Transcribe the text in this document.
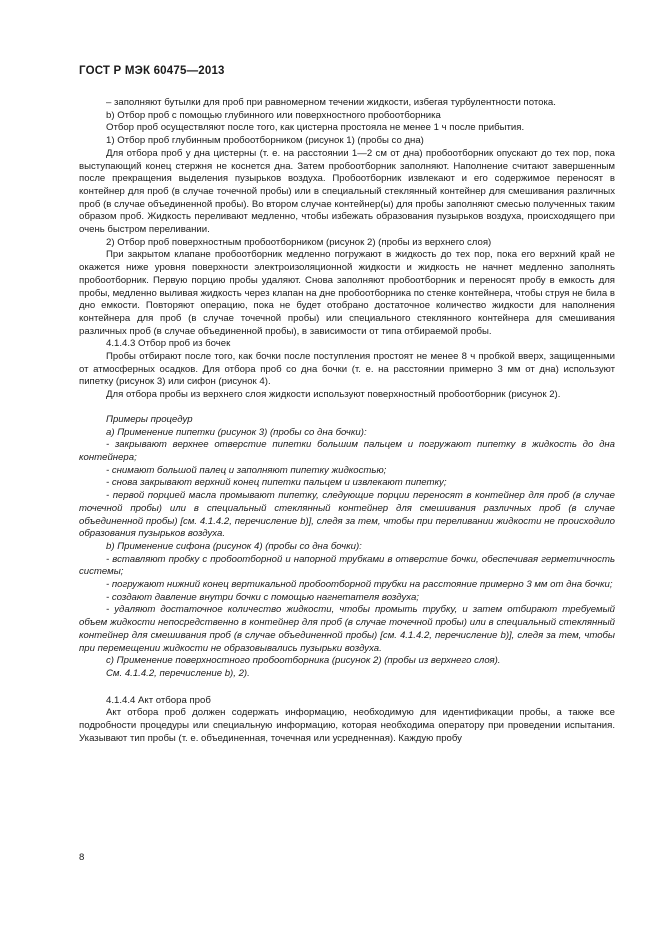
ГОСТ Р МЭК 60475—2013

– заполняют бутылки для проб при равномерном течении жидкости, избегая турбулентности потока.

b) Отбор проб с помощью глубинного или поверхностного пробоотборника

Отбор проб осуществляют после того, как цистерна простояла не менее 1 ч после прибытия.

1) Отбор проб глубинным пробоотборником (рисунок 1) (пробы со дна)

Для отбора проб у дна цистерны (т. е. на расстоянии 1—2 см от дна) пробоотборник опускают до тех пор, пока выступающий конец стержня не коснется дна. Затем пробоотборник заполняют. Наполнение считают завершенным после прекращения выделения пузырьков воздуха. Пробоотборник извлекают и его содержимое переносят в контейнер для проб (в случае точечной пробы) или в специальный стеклянный контейнер для смешивания различных проб (в случае объединенной пробы). Во втором случае контейнер(ы) для пробы заполняют смесью полученных таким образом проб. Жидкость переливают медленно, чтобы избежать образования пузырьков воздуха, происходящего при очень быстром переливании.

2) Отбор проб поверхностным пробоотборником (рисунок 2) (пробы из верхнего слоя)

При закрытом клапане пробоотборник медленно погружают в жидкость до тех пор, пока его верхний край не окажется ниже уровня поверхности электроизоляционной жидкости и жидкость не начнет медленно заполнять пробоотборник. Первую порцию пробы удаляют. Снова заполняют пробоотборник и переносят пробу в емкость для пробы, медленно выливая жидкость через клапан на дне пробоотборника по стенке контейнера, чтобы струя не била в дно емкости. Повторяют операцию, пока не будет отобрано достаточное количество жидкости для наполнения контейнера для проб (в случае точечной пробы) или специального стеклянного контейнера для смешивания различных проб (в случае объединенной пробы), в зависимости от типа отбираемой пробы.

4.1.4.3 Отбор проб из бочек

Пробы отбирают после того, как бочки после поступления простоят не менее 8 ч пробкой вверх, защищенными от атмосферных осадков. Для отбора проб со дна бочки (т. е. на расстоянии примерно 3 мм от дна) используют пипетку (рисунок 3) или сифон (рисунок 4).

Для отбора пробы из верхнего слоя жидкости используют поверхностный пробоотборник (рисунок 2).

Примеры процедур

а) Применение пипетки (рисунок 3) (пробы со дна бочки):

- закрывают верхнее отверстие пипетки большим пальцем и погружают пипетку в жидкость до дна контейнера;

- снимают большой палец и заполняют пипетку жидкостью;

- снова закрывают верхний конец пипетки пальцем и извлекают пипетку;

- первой порцией масла промывают пипетку, следующие порции переносят в контейнер для проб (в случае точечной пробы) или в специальный стеклянный контейнер для смешивания различных проб (в случае объединенной пробы) [см. 4.1.4.2, перечисление b)], следя за тем, чтобы при переливании жидкости не происходило образования пузырьков воздуха.

b) Применение сифона (рисунок 4) (пробы со дна бочки):

- вставляют пробку с пробоотборной и напорной трубками в отверстие бочки, обеспечивая герметичность системы;

- погружают нижний конец вертикальной пробоотборной трубки на расстояние примерно 3 мм от дна бочки;

- создают давление внутри бочки с помощью нагнетателя воздуха;

- удаляют достаточное количество жидкости, чтобы промыть трубку, и затем отбирают требуемый объем жидкости непосредственно в контейнер для проб (в случае точечной пробы) или в специальный стеклянный контейнер для смешивания проб (в случае объединенной пробы) [см. 4.1.4.2, перечисление b)], следя за тем, чтобы при перемещении жидкости не образовывались пузырьки воздуха.

с) Применение поверхностного пробоотборника (рисунок 2) (пробы из верхнего слоя).

См. 4.1.4.2, перечисление b), 2).

4.1.4.4 Акт отбора проб

Акт отбора проб должен содержать информацию, необходимую для идентификации пробы, а также все подробности процедуры или специальную информацию, которая необходима оператору при проведении испытания. Указывают тип пробы (т. е. объединенная, точечная или усредненная). Каждую пробу

8
